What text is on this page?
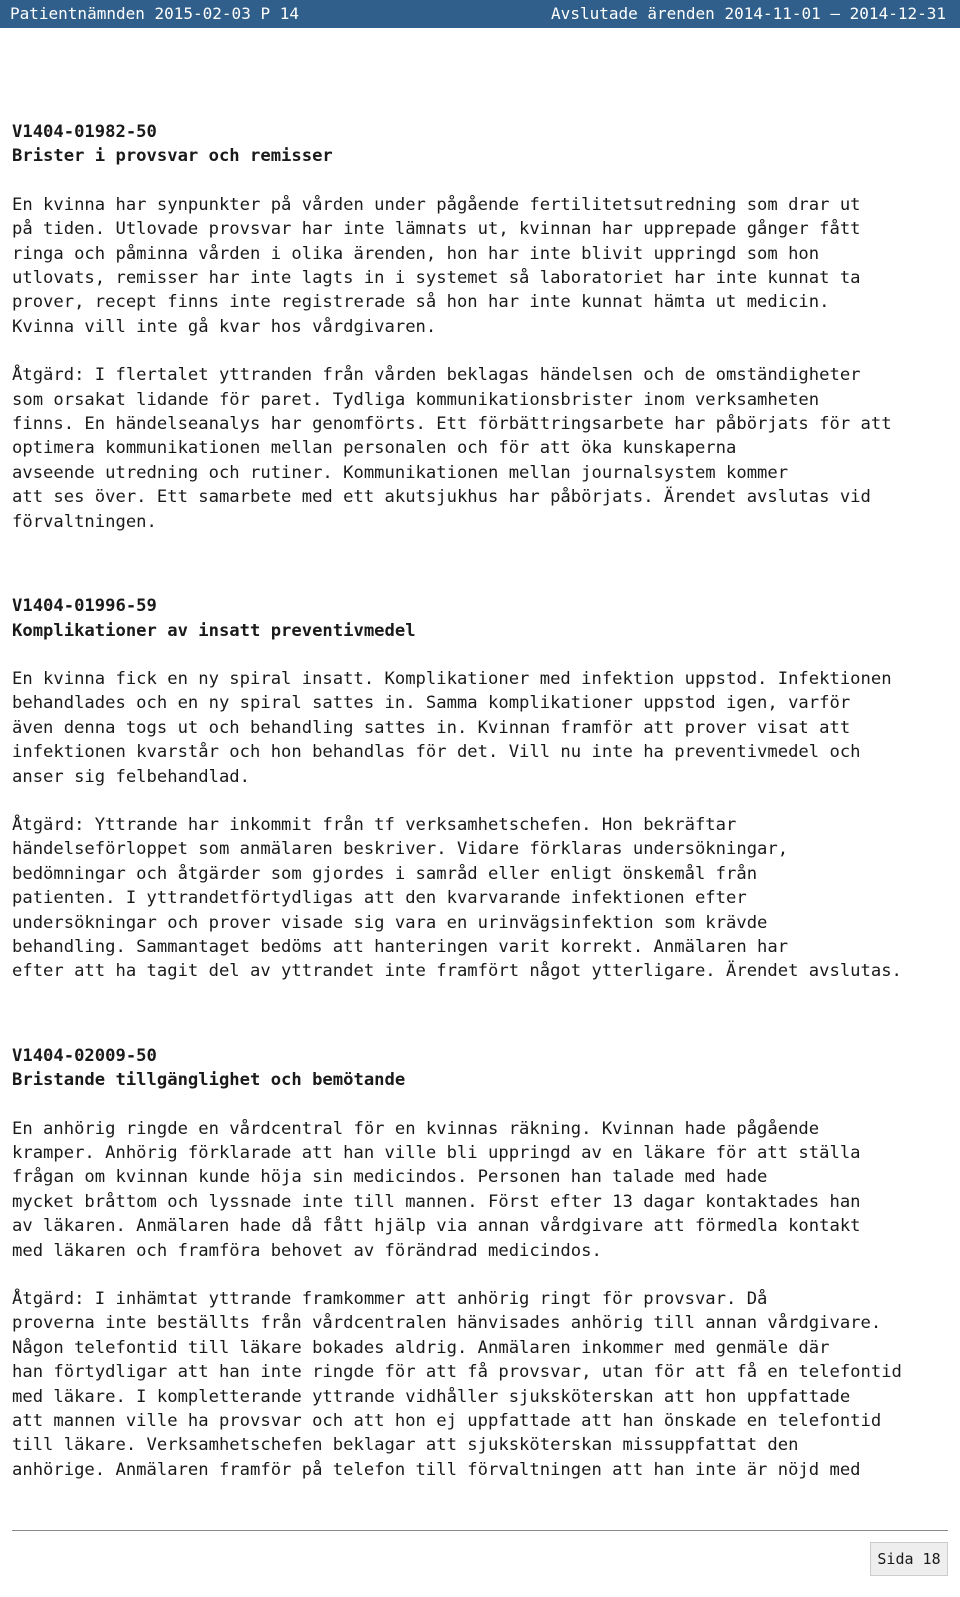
Patientnämnden 2015-02-03 P 14	Avslutade ärenden 2014-11-01 – 2014-12-31
V1404-01982-50
Brister i provsvar och remisser
En kvinna har synpunkter på vården under pågående fertilitetsutredning som drar ut
på tiden. Utlovade provsvar har inte lämnats ut, kvinnan har upprepade gånger fått
ringa och påminna vården i olika ärenden, hon har inte blivit uppringd som hon
utlovats, remisser har inte lagts in i systemet så laboratoriet har inte kunnat ta
prover, recept finns inte registrerade så hon har inte kunnat hämta ut medicin.
Kvinna vill inte gå kvar hos vårdgivaren.
Åtgärd: I flertalet yttranden från vården beklagas händelsen och de omständigheter
som orsakat lidande för paret. Tydliga kommunikationsbrister inom verksamheten
finns. En händelseanalys har genomförts. Ett förbättringsarbete har påbörjats för att
optimera kommunikationen mellan personalen och för att öka kunskaperna
avseende utredning och rutiner. Kommunikationen mellan journalsystem kommer
att ses över. Ett samarbete med ett akutsjukhus har påbörjats. Ärendet avslutas vid
förvaltningen.
V1404-01996-59
Komplikationer av insatt preventivmedel
En kvinna fick en ny spiral insatt. Komplikationer med infektion uppstod. Infektionen
behandlades och en ny spiral sattes in. Samma komplikationer uppstod igen, varför
även denna togs ut och behandling sattes in. Kvinnan framför att prover visat att
infektionen kvarstår och hon behandlas för det. Vill nu inte ha preventivmedel och
anser sig felbehandlad.
Åtgärd: Yttrande har inkommit från tf verksamhetschefen. Hon bekräftar
händelseförloppet som anmälaren beskriver. Vidare förklaras undersökningar,
bedömningar och åtgärder som gjordes i samråd eller enligt önskemål från
patienten. I yttrandetförtydligas att den kvarvarande infektionen efter
undersökningar och prover visade sig vara en urinvägsinfektion som krävde
behandling. Sammantaget bedöms att hanteringen varit korrekt. Anmälaren har
efter att ha tagit del av yttrandet inte framfört något ytterligare. Ärendet avslutas.
V1404-02009-50
Bristande tillgänglighet och bemötande
En anhörig ringde en vårdcentral för en kvinnas räkning. Kvinnan hade pågående
kramper. Anhörig förklarade att han ville bli uppringd av en läkare för att ställa
frågan om kvinnan kunde höja sin medicindos. Personen han talade med hade
mycket bråttom och lyssnade inte till mannen. Först efter 13 dagar kontaktades han
av läkaren. Anmälaren hade då fått hjälp via annan vårdgivare att förmedla kontakt
med läkaren och framföra behovet av förändrad medicindos.
Åtgärd: I inhämtat yttrande framkommer att anhörig ringt för provsvar. Då
proverna inte beställts från vårdcentralen hänvisades anhörig till annan vårdgivare.
Någon telefontid till läkare bokades aldrig. Anmälaren inkommer med genmäle där
han förtydligar att han inte ringde för att få provsvar, utan för att få en telefontid
med läkare. I kompletterande yttrande vidhåller sjuksköterskan att hon uppfattade
att mannen ville ha provsvar och att hon ej uppfattade att han önskade en telefontid
till läkare. Verksamhetschefen beklagar att sjuksköterskan missuppfattat den
anhörige. Anmälaren framför på telefon till förvaltningen att han inte är nöjd med
Sida 18
